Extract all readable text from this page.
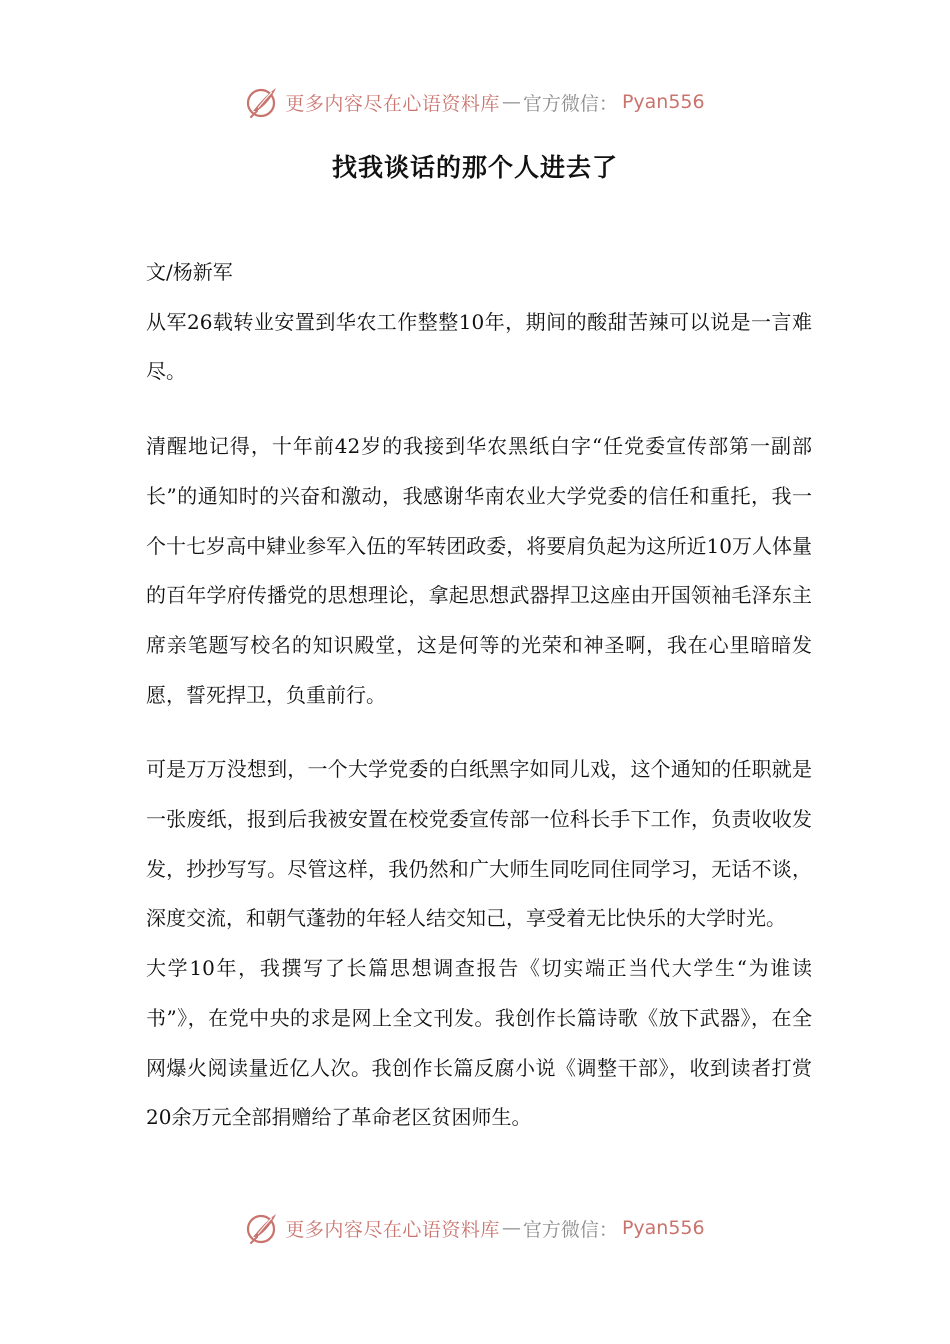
更多内容尽在心语资料库 — 官方微信： Pyan556
找我谈话的那个人进去了

文/杨新军

从军26载转业安置到华农工作整整10年，期间的酸甜苦辣可以说是一言难尽。

清醒地记得，十年前42岁的我接到华农黑纸白字“任党委宣传部第一副部长”的通知时的兴奋和激动，我感谢华南农业大学党委的信任和重托，我一个十七岁高中肄业参军入伍的军转团政委，将要肩负起为这所近10万人体量的百年学府传播党的思想理论，拿起思想武器捍卫这座由开国领袖毛泽东主席亲笔题写校名的知识殿堂，这是何等的光荣和神圣啊，我在心里暗暗发愿，誓死捍卫，负重前行。

可是万万没想到，一个大学党委的白纸黑字如同儿戏，这个通知的任职就是一张废纸，报到后我被安置在校党委宣传部一位科长手下工作，负责收收发发，抄抄写写。尽管这样，我仍然和广大师生同吃同住同学习，无话不谈，深度交流，和朝气蓬勃的年轻人结交知己，享受着无比快乐的大学时光。

大学10年，我撰写了长篇思想调查报告《切实端正当代大学生“为谁读书”》，在党中央的求是网上全文刊发。我创作长篇诗歌《放下武器》，在全网爆火阅读量近亿人次。我创作长篇反腐小说《调整干部》，收到读者打赏20余万元全部捐赠给了革命老区贫困师生。

更多内容尽在心语资料库 — 官方微信： Pyan556
